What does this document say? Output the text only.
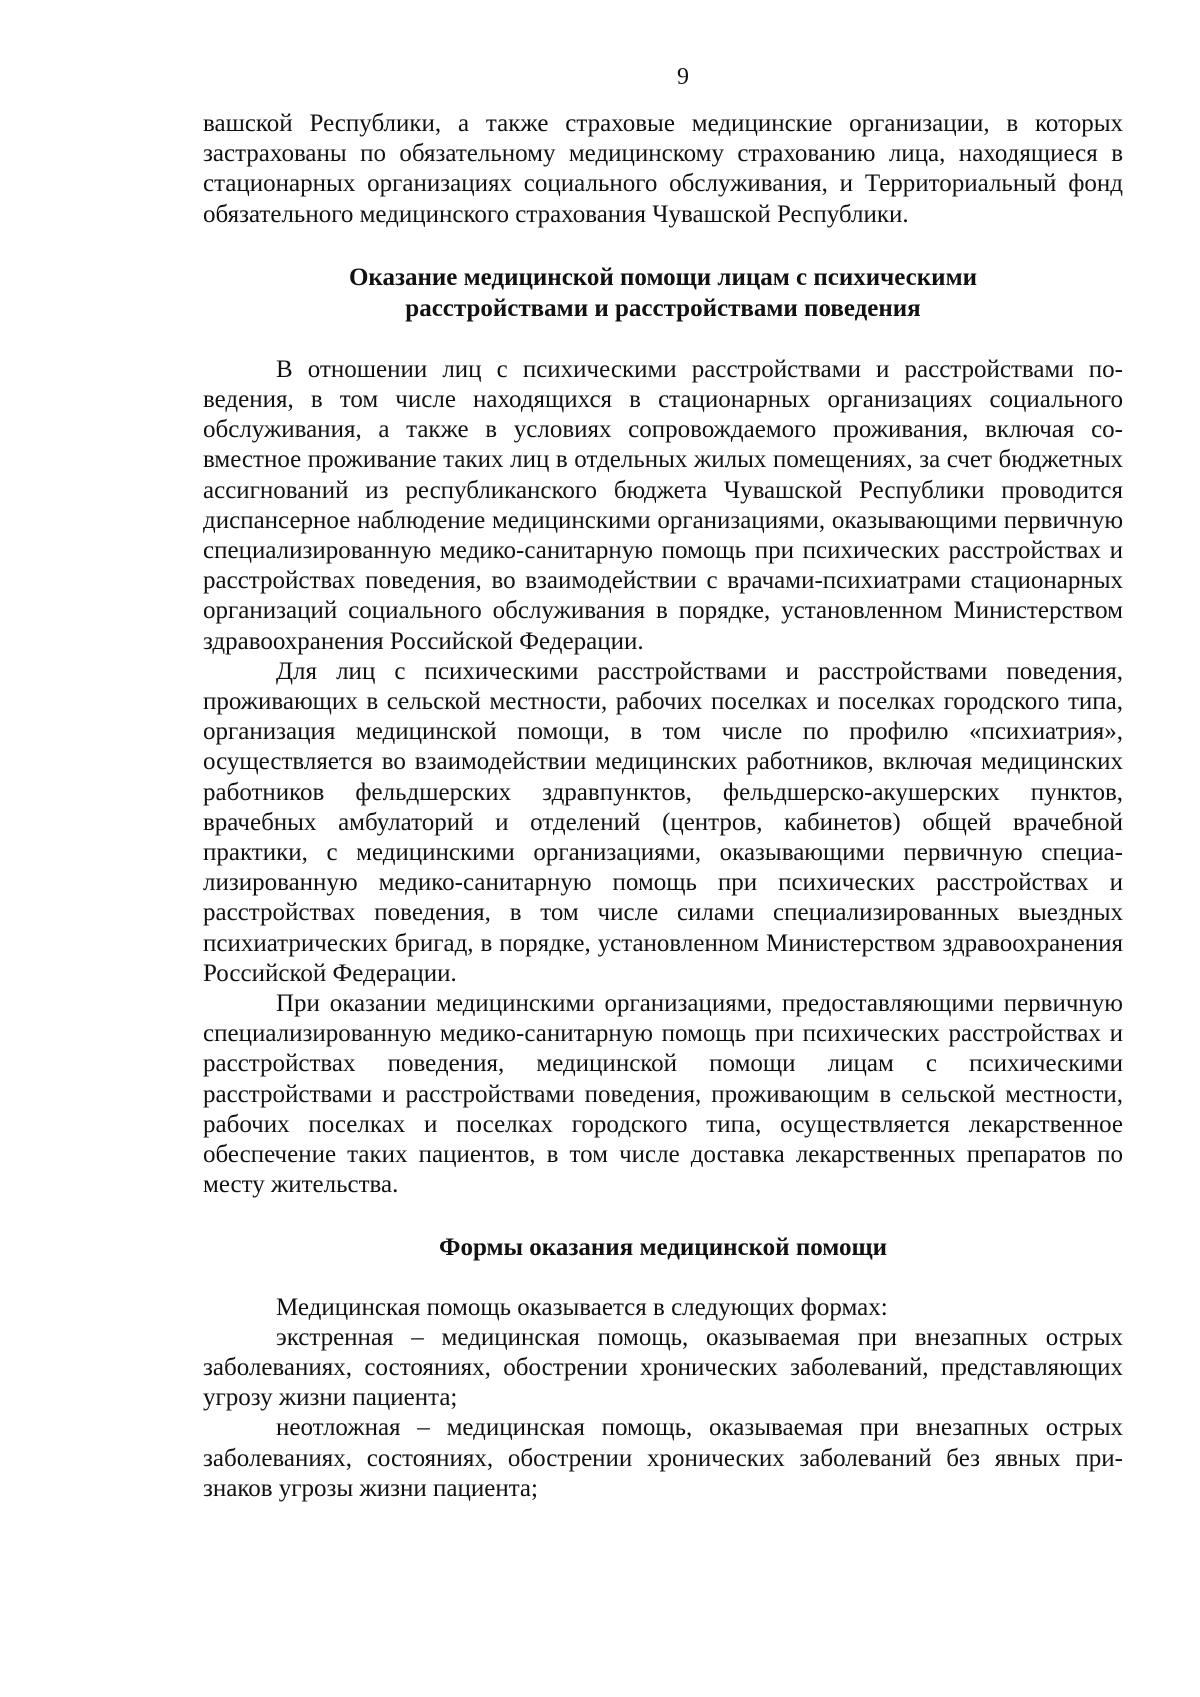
9

вашской Республики, а также страховые медицинские организации, в которых застрахованы по обязательному медицинскому страхованию лица, находящиеся в стационарных организациях социального обслуживания, и Территориальный фонд обязательного медицинского страхования Чувашской Республики.

Оказание медицинской помощи лицам с психическими
расстройствами и расстройствами поведения

В отношении лиц с психическими расстройствами и расстройствами поведения, в том числе находящихся в стационарных организациях социального обслуживания, а также в условиях сопровождаемого проживания, включая совместное проживание таких лиц в отдельных жилых помещениях, за счет бюджетных ассигнований из республиканского бюджета Чувашской Республики проводится диспансерное наблюдение медицинскими организациями, оказывающими первичную специализированную медико-санитарную помощь при психических расстройствах и расстройствах поведения, во взаимодействии с врачами-психиатрами стационарных организаций социального обслуживания в порядке, установленном Министерством здравоохранения Российской Федерации.

Для лиц с психическими расстройствами и расстройствами поведения, проживающих в сельской местности, рабочих поселках и поселках городского типа, организация медицинской помощи, в том числе по профилю «психиатрия», осуществляется во взаимодействии медицинских работников, включая медицинских работников фельдшерских здравпунктов, фельдшерско-акушерских пунктов, врачебных амбулаторий и отделений (центров, кабинетов) общей врачебной практики, с медицинскими организациями, оказывающими первичную специализированную медико-санитарную помощь при психических расстройствах и расстройствах поведения, в том числе силами специализированных выездных психиатрических бригад, в порядке, установленном Министерством здравоохранения Российской Федерации.

При оказании медицинскими организациями, предоставляющими первичную специализированную медико-санитарную помощь при психических расстройствах и расстройствах поведения, медицинской помощи лицам с психическими расстройствами и расстройствами поведения, проживающим в сельской местности, рабочих поселках и поселках городского типа, осуществляется лекарственное обеспечение таких пациентов, в том числе доставка лекарственных препаратов по месту жительства.

Формы оказания медицинской помощи

Медицинская помощь оказывается в следующих формах:

экстренная – медицинская помощь, оказываемая при внезапных острых заболеваниях, состояниях, обострении хронических заболеваний, представляющих угрозу жизни пациента;

неотложная – медицинская помощь, оказываемая при внезапных острых заболеваниях, состояниях, обострении хронических заболеваний без явных признаков угрозы жизни пациента;
